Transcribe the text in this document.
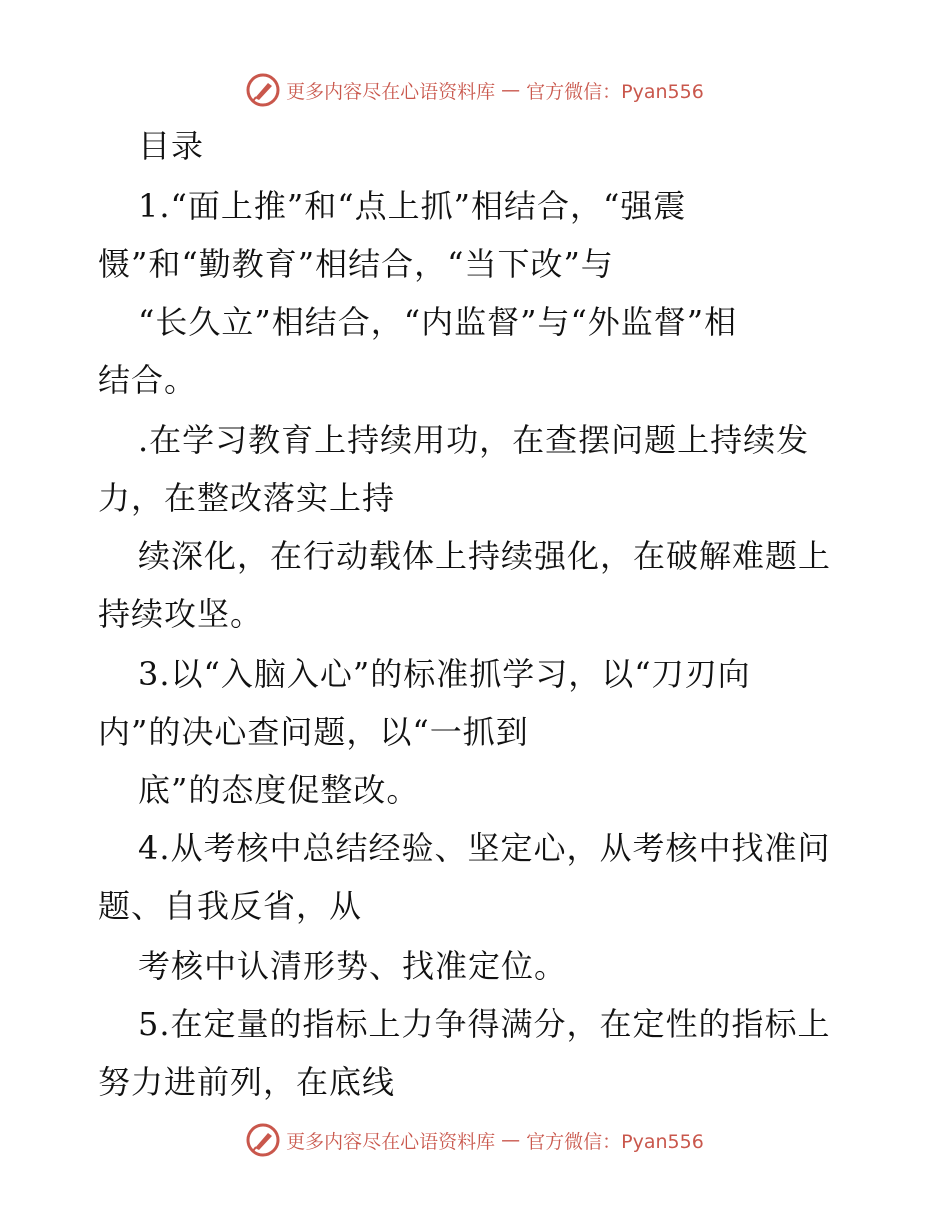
更多内容尽在心语资料库 — 官方微信：Pyan556
目录
1.“面上推”和“点上抓”相结合，“强震
慑”和“勤教育”相结合，“当下改”与
“长久立”相结合，“内监督”与“外监督”相
结合。
.在学习教育上持续用功，在查摆问题上持续发
力，在整改落实上持
续深化，在行动载体上持续强化，在破解难题上
持续攻坚。
3.以“入脑入心”的标准抓学习，以“刀刃向
内”的决心查问题，以“一抓到
底”的态度促整改。
4.从考核中总结经验、坚定心，从考核中找准问
题、自我反省，从
考核中认清形势、找准定位。
5.在定量的指标上力争得满分，在定性的指标上
努力进前列，在底线
更多内容尽在心语资料库 — 官方微信：Pyan556
